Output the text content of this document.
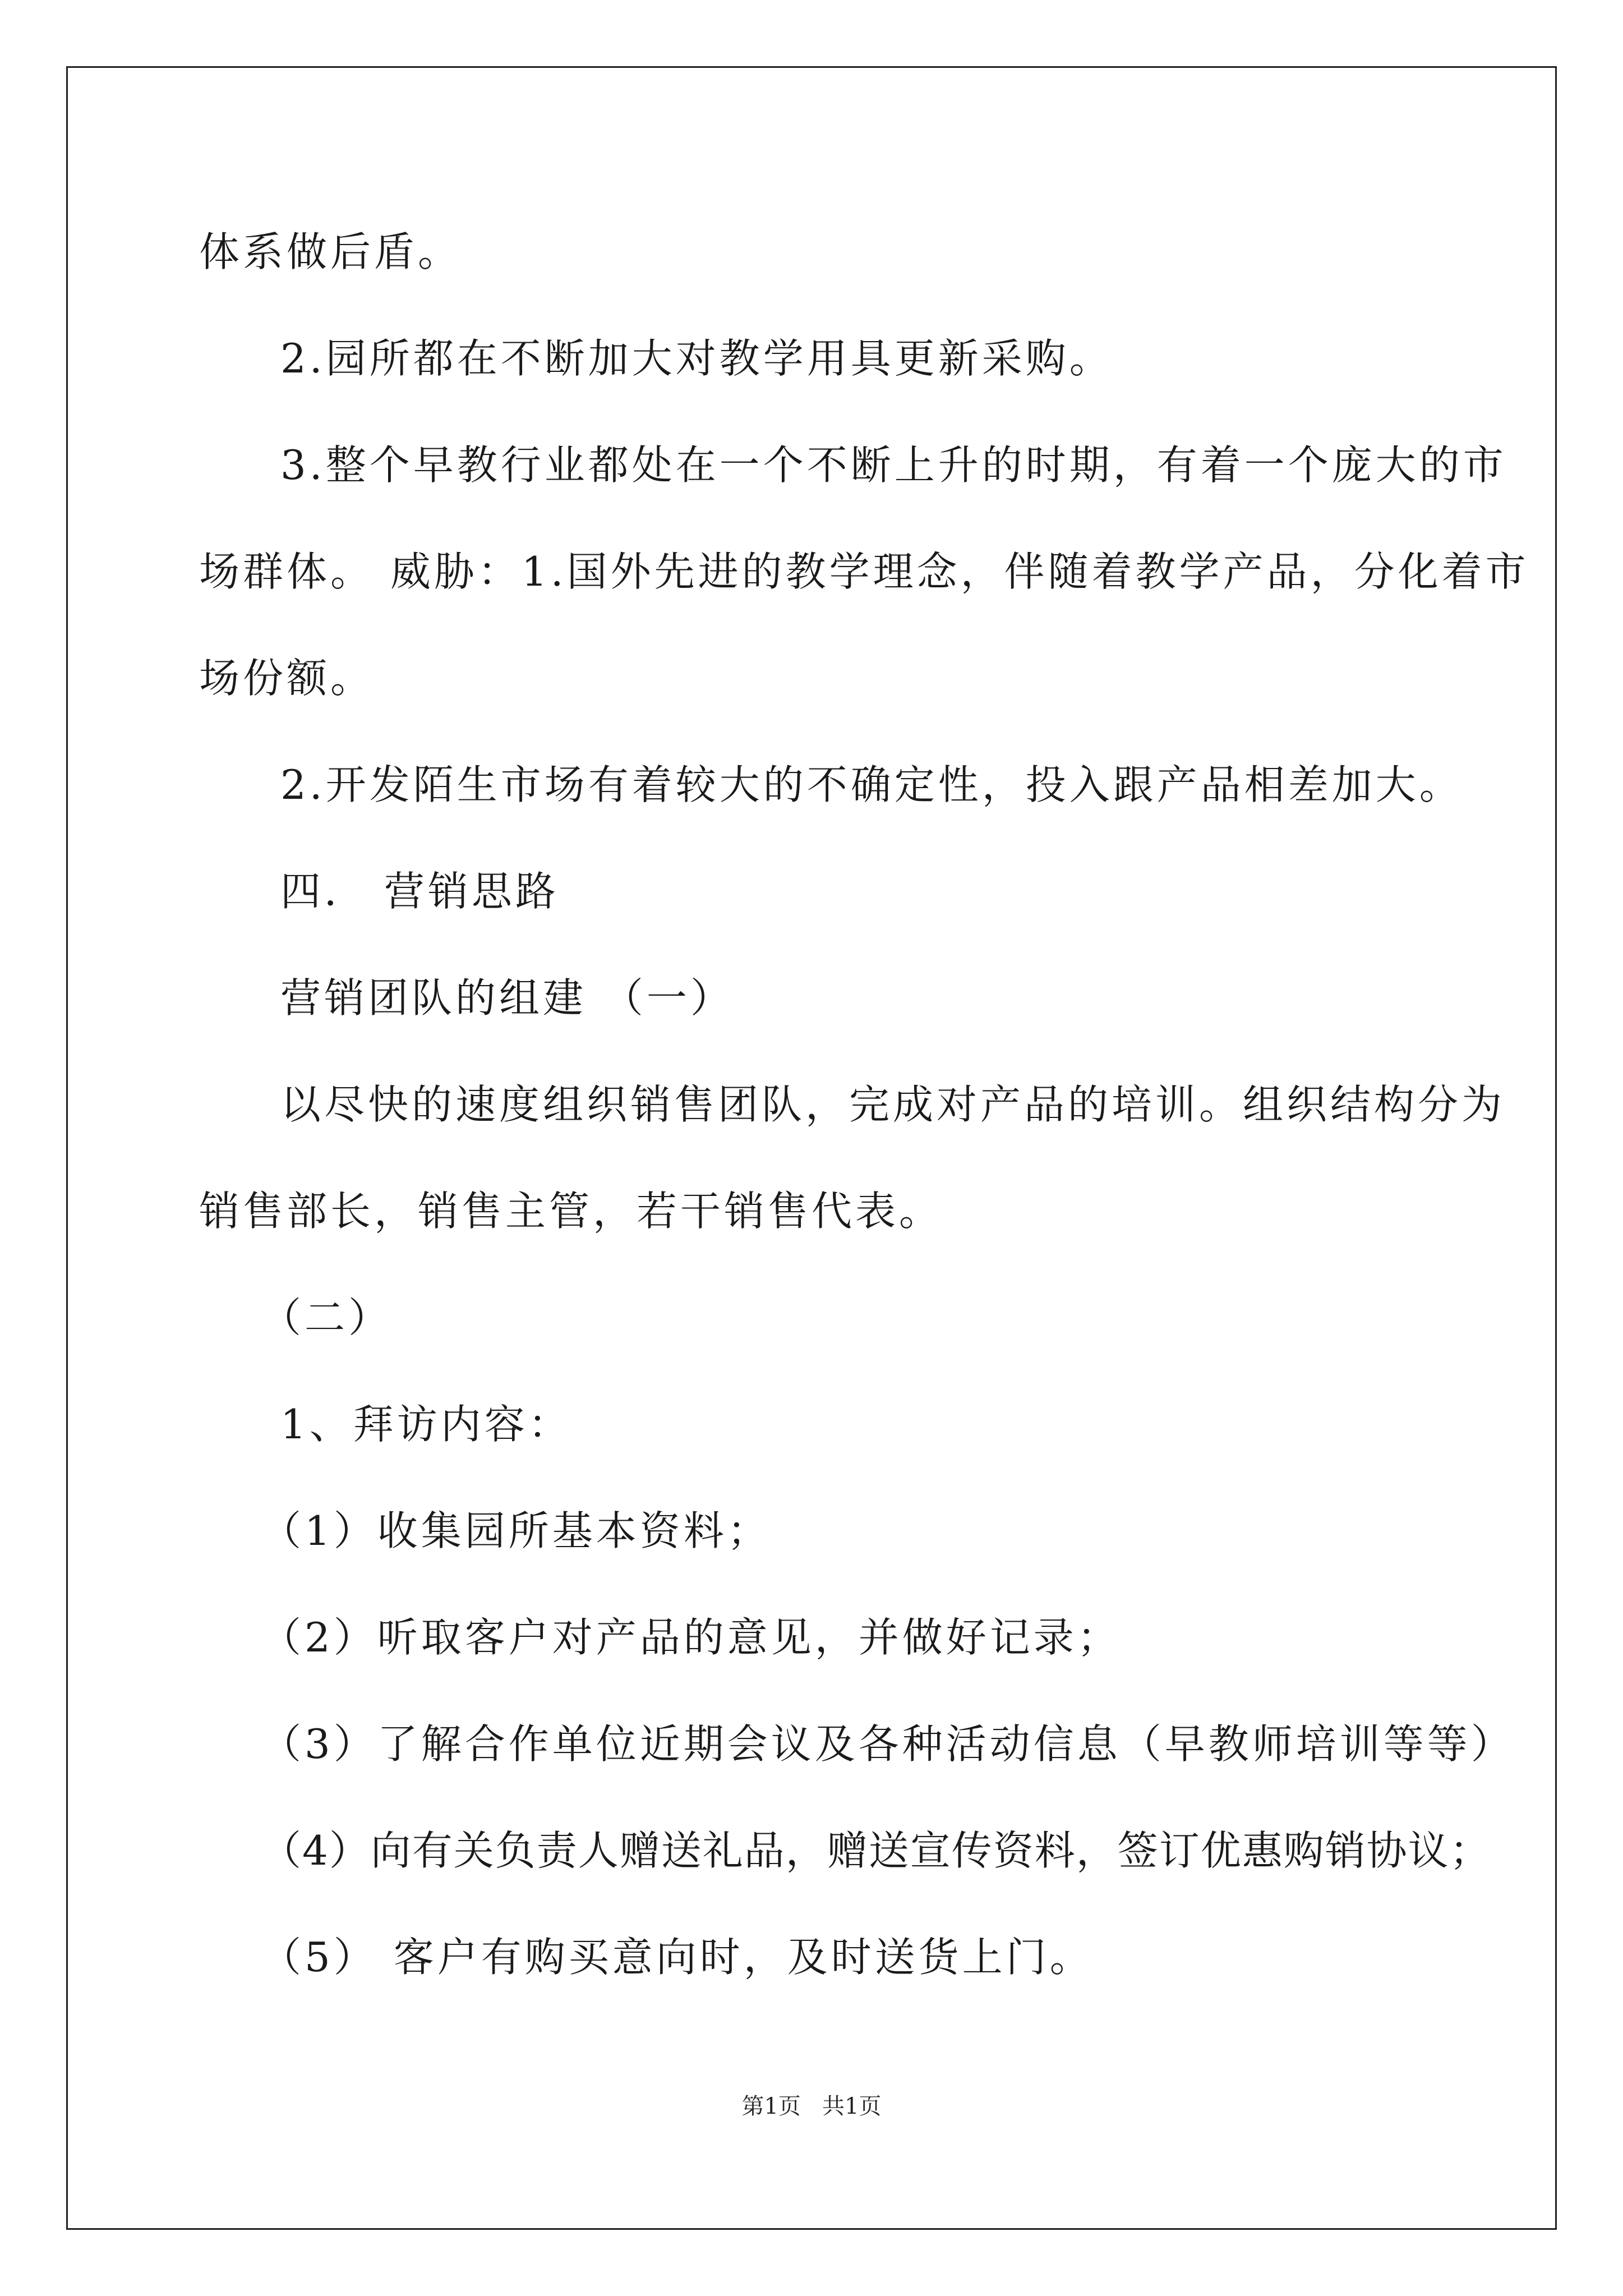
体系做后盾。
2.园所都在不断加大对教学用具更新采购。
3.整个早教行业都处在一个不断上升的时期，有着一个庞大的市
场群体。 威胁：1.国外先进的教学理念，伴随着教学产品，分化着市
场份额。
2.开发陌生市场有着较大的不确定性，投入跟产品相差加大。
四． 营销思路
营销团队的组建 （一）
以尽快的速度组织销售团队，完成对产品的培训。组织结构分为
销售部长，销售主管，若干销售代表。
（二）
1、拜访内容：
（1）收集园所基本资料；
（2）听取客户对产品的意见，并做好记录；
（3）了解合作单位近期会议及各种活动信息（早教师培训等等）
（4）向有关负责人赠送礼品，赠送宣传资料，签订优惠购销协议；
（5） 客户有购买意向时，及时送货上门。
第1页   共1页
